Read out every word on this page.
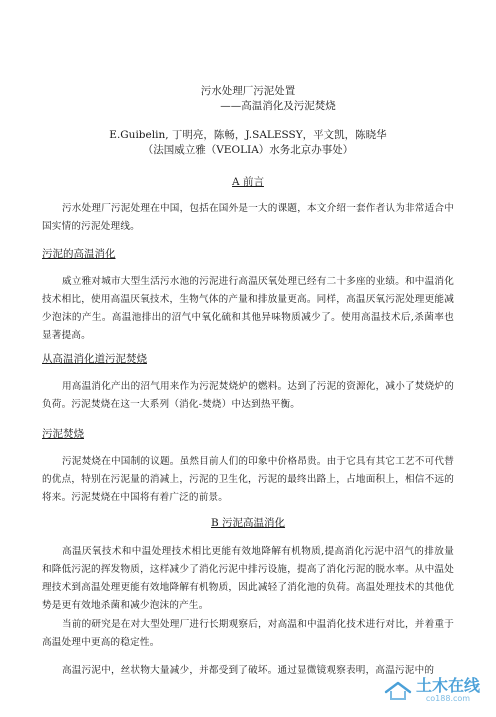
污水处理厂污泥处置
——高温消化及污泥焚烧
E.Guibelin, 丁明亮，陈畅，J.SALESSY，平文凯，陈晓华
（法国威立雅（VEOLIA）水务北京办事处）
A 前言
污水处理厂污泥处理在中国，包括在国外是一大的课题，本文介绍一套作者认为非常适合中国实情的污泥处理线。
污泥的高温消化
威立雅对城市大型生活污水池的污泥进行高温厌氧处理已经有二十多座的业绩。和中温消化技术相比，使用高温厌氧技术，生物气体的产量和排放量更高。同样，高温厌氧污泥处理更能减少泡沫的产生。高温池排出的沼气中氧化硫和其他异味物质减少了。使用高温技术后,杀菌率也显著提高。
从高温消化道污泥焚烧
用高温消化产出的沼气用来作为污泥焚烧炉的燃料。达到了污泥的资源化，减小了焚烧炉的负荷。污泥焚烧在这一大系列（消化-焚烧）中达到热平衡。
污泥焚烧
污泥焚烧在中国制的议题。虽然目前人们的印象中价格昂贵。由于它具有其它工艺不可代替的优点，特别在污泥量的消减上，污泥的卫生化，污泥的最终出路上，占地面积上，相信不远的将来。污泥焚烧在中国将有着广泛的前景。
B 污泥高温消化
高温厌氧技术和中温处理技术相比更能有效地降解有机物质,提高消化污泥中沼气的排放量和降低污泥的挥发物质，这样减少了消化污泥中排污设施，提高了消化污泥的脱水率。从中温处理技术到高温处理更能有效地降解有机物质，因此减轻了消化池的负荷。高温处理技术的其他优势是更有效地杀菌和减少泡沫的产生。
当前的研究是在对大型处理厂进行长期观察后，对高温和中温消化技术进行对比，并着重于高温处理中更高的稳定性。
高温污泥中，丝状物大量减少，并都受到了破坏。通过显微镜观察表明，高温污泥中的
土木在线
co188.com
